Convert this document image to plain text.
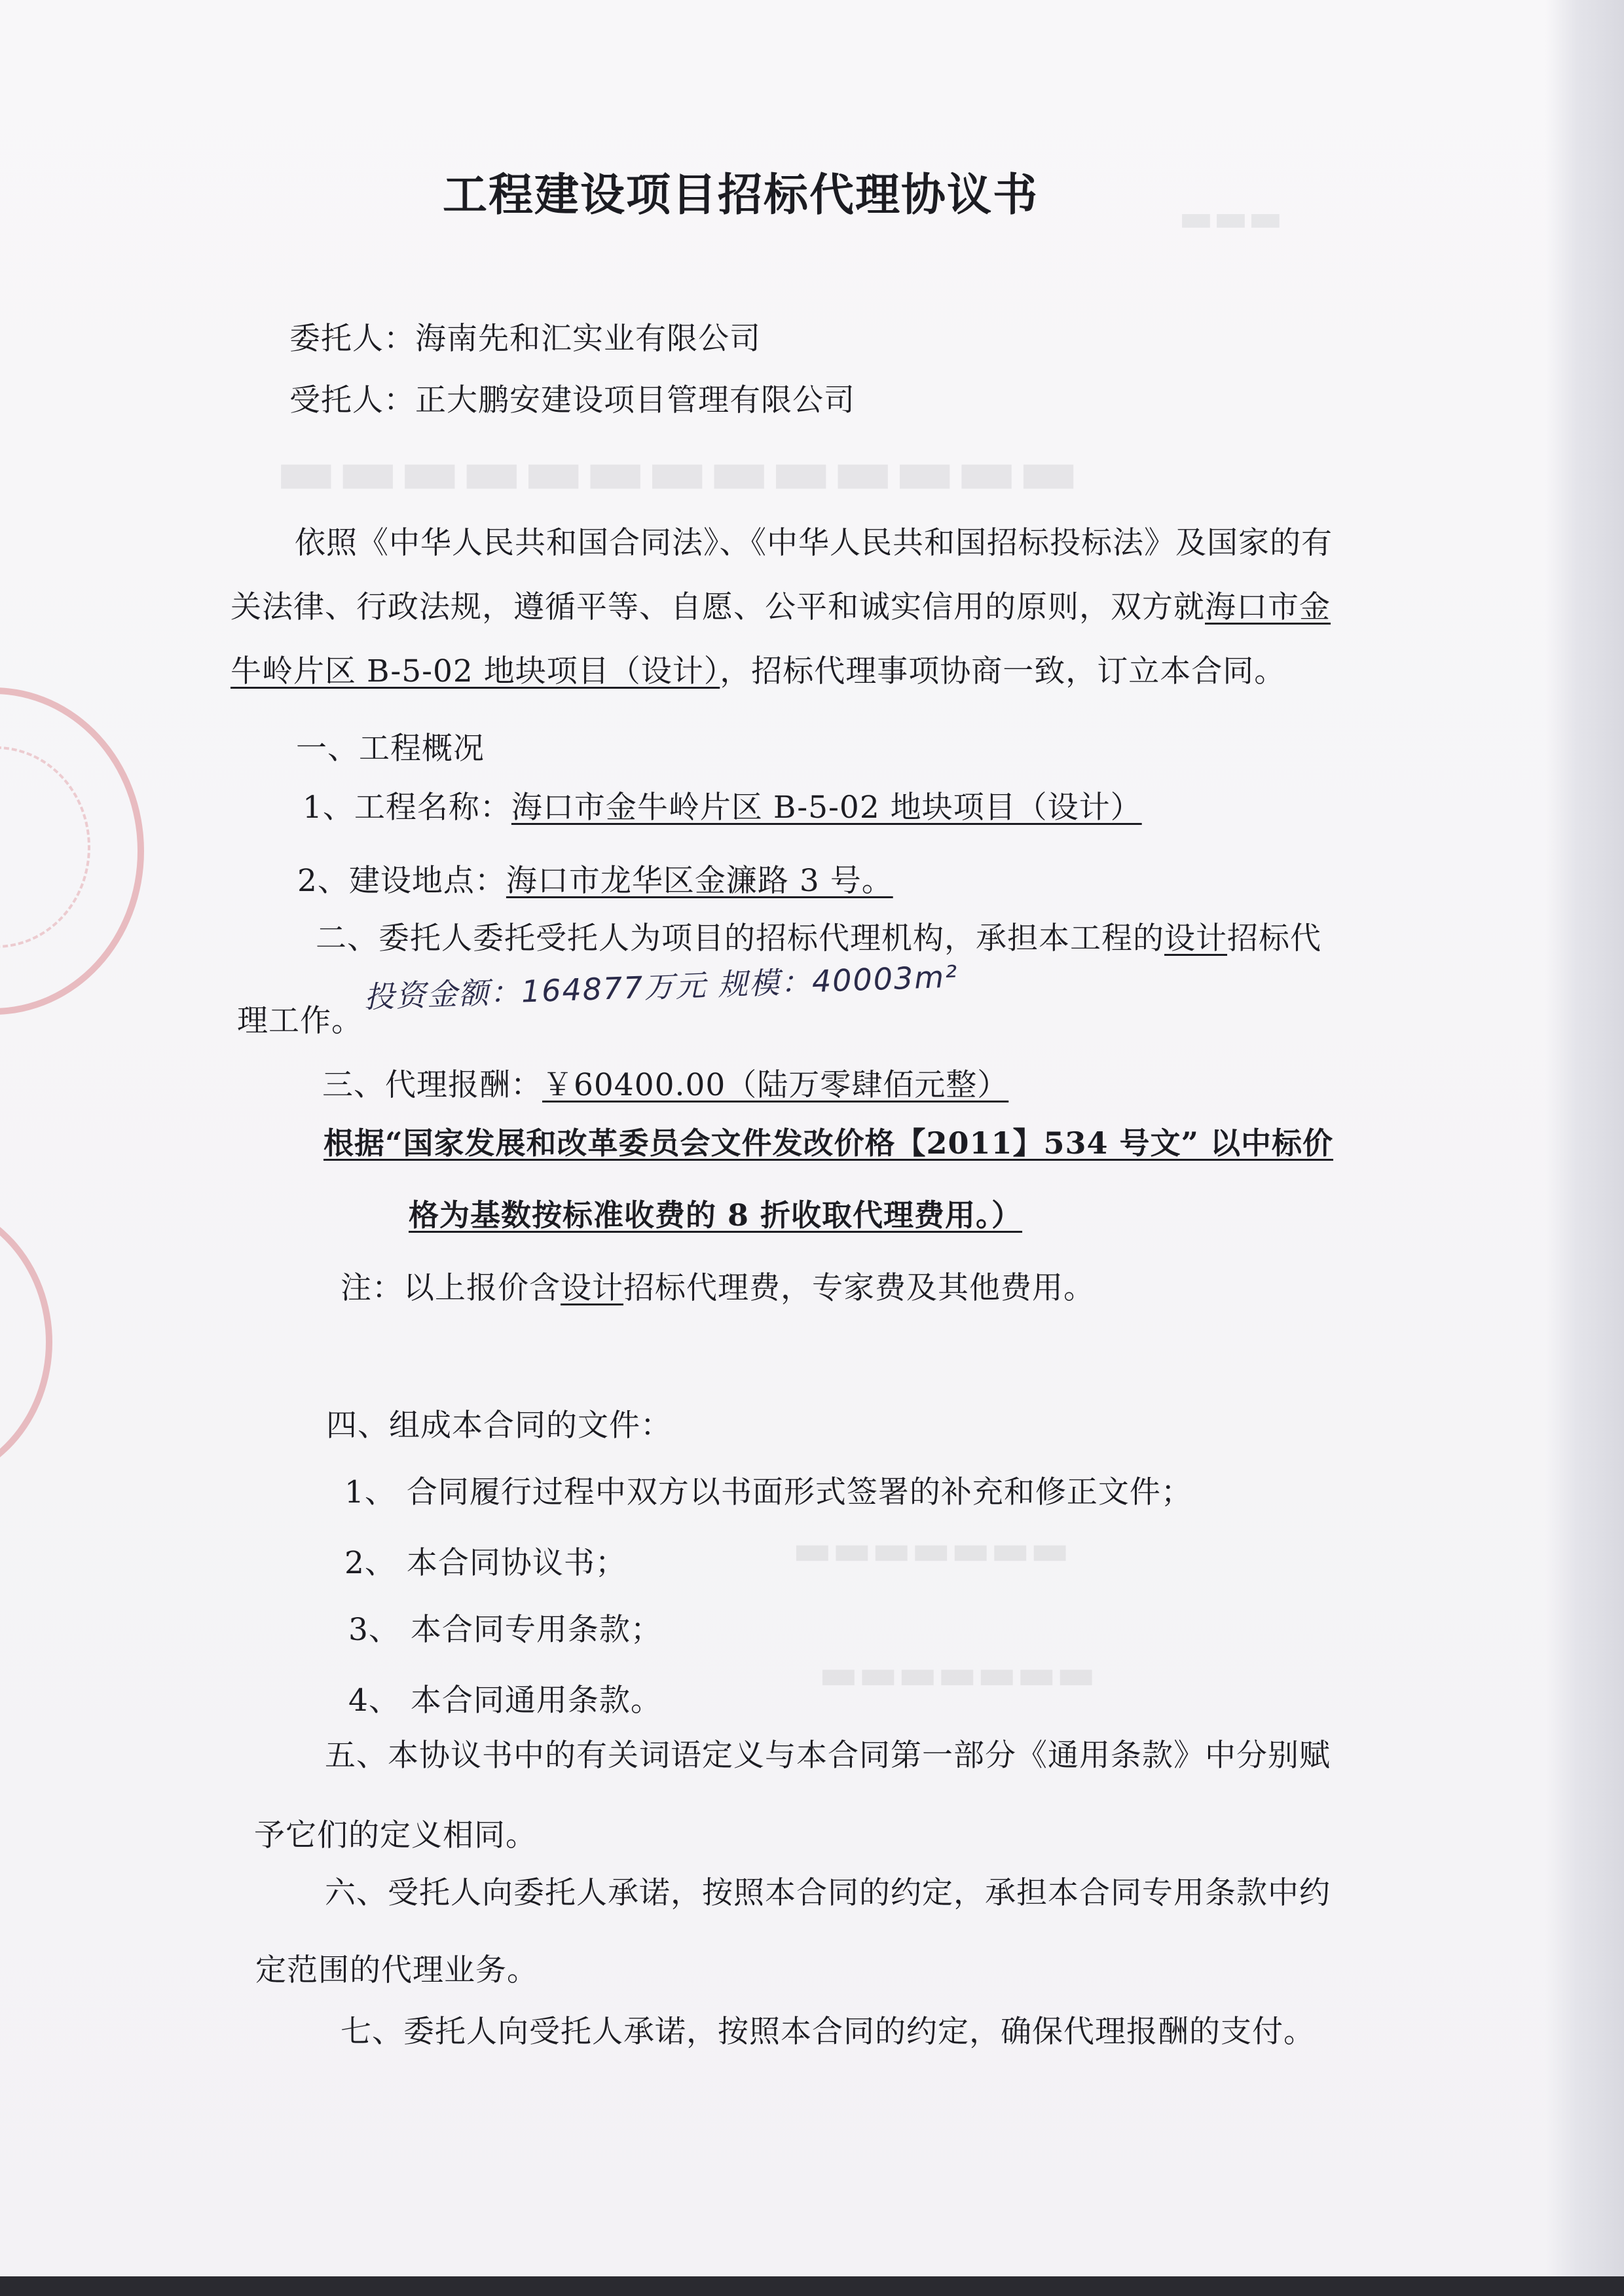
▬▬▬▬▬▬▬▬▬▬▬▬▬
▬▬▬
▬▬▬▬▬▬▬
▬▬▬▬▬▬▬
工程建设项目招标代理协议书
委托人：海南先和汇实业有限公司
受托人：正大鹏安建设项目管理有限公司
依照《中华人民共和国合同法》、《中华人民共和国招标投标法》及国家的有
关法律、行政法规，遵循平等、自愿、公平和诚实信用的原则，双方就海口市金
牛岭片区 B-5-02 地块项目（设计），招标代理事项协商一致，订立本合同。
一、工程概况
1、工程名称：海口市金牛岭片区 B-5-02 地块项目（设计）
2、建设地点：海口市龙华区金濂路 3 号。
二、委托人委托受托人为项目的招标代理机构，承担本工程的设计招标代
理工作。
投资金额：164877万元 规模：40003m²
三、代理报酬：￥60400.00（陆万零肆佰元整）
根据“国家发展和改革委员会文件发改价格【2011】534 号文” 以中标价
格为基数按标准收费的 8 折收取代理费用。）
注：以上报价含设计招标代理费，专家费及其他费用。
四、组成本合同的文件：
1、 合同履行过程中双方以书面形式签署的补充和修正文件；
2、 本合同协议书；
3、 本合同专用条款；
4、 本合同通用条款。
五、本协议书中的有关词语定义与本合同第一部分《通用条款》中分别赋
予它们的定义相同。
六、受托人向委托人承诺，按照本合同的约定，承担本合同专用条款中约
定范围的代理业务。
七、委托人向受托人承诺，按照本合同的约定，确保代理报酬的支付。
